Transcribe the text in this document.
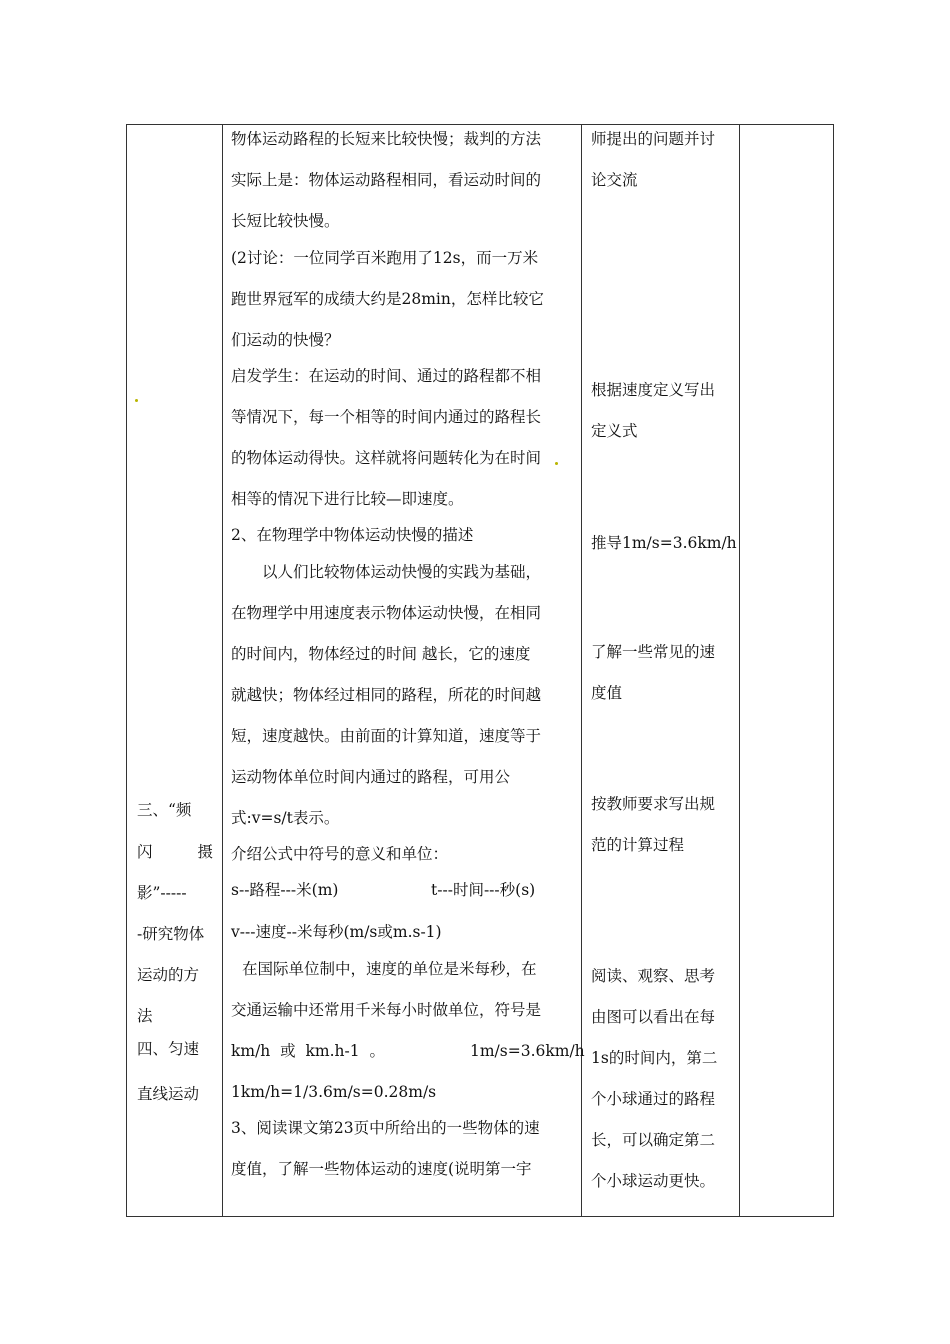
三、“频
闪摄
影”-----
-研究物体
运动的方
法
四、匀速
直线运动
物体运动路程的长短来比较快慢；裁判的方法
实际上是：物体运动路程相同，看运动时间的
长短比较快慢。
(2讨论：一位同学百米跑用了12s，而一万米
跑世界冠军的成绩大约是28min，怎样比较它
们运动的快慢？
启发学生：在运动的时间、通过的路程都不相
等情况下，每一个相等的时间内通过的路程长
的物体运动得快。这样就将问题转化为在时间
相等的情况下进行比较—即速度。
2、在物理学中物体运动快慢的描述
以人们比较物体运动快慢的实践为基础，
在物理学中用速度表示物体运动快慢，在相同
的时间内，物体经过的时间 越长，它的速度
就越快；物体经过相同的路程，所花的时间越
短，速度越快。由前面的计算知道，速度等于
运动物体单位时间内通过的路程，可用公
式:v=s/t表示。
介绍公式中符号的意义和单位：
s--路程---米(m)	t---时间---秒(s)
v---速度--米每秒(m/s或m.s-1)
在国际单位制中，速度的单位是米每秒，在
交通运输中还常用千米每小时做单位，符号是
km/h  或  km.h-1  。	1m/s=3.6km/h
1km/h=1/3.6m/s=0.28m/s
3、阅读课文第23页中所给出的一些物体的速
度值，了解一些物体运动的速度(说明第一宇
师提出的问题并讨
论交流
根据速度定义写出
定义式
推导1m/s=3.6km/h
了解一些常见的速
度值
按教师要求写出规
范的计算过程
阅读、观察、思考
由图可以看出在每
1s的时间内，第二
个小球通过的路程
长，可以确定第二
个小球运动更快。
